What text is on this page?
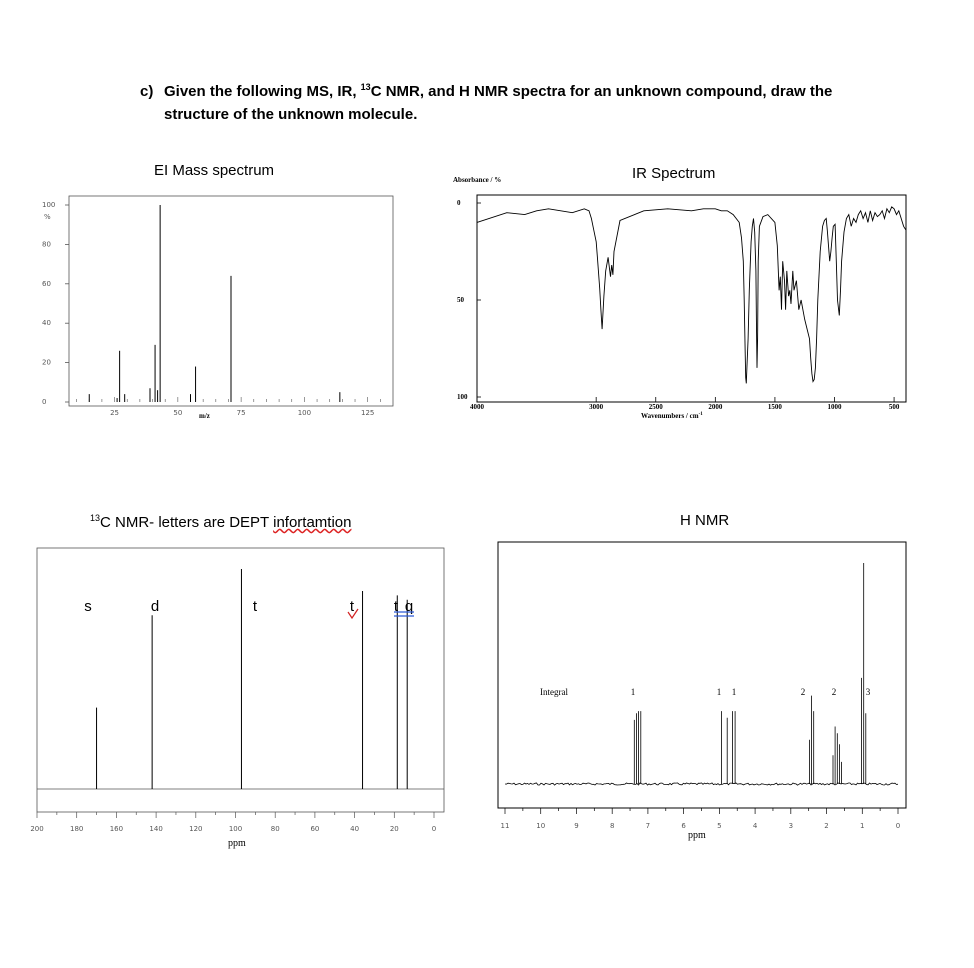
c) Given the following MS, IR, $^{13}$C NMR, and H NMR spectra for an unknown compound, draw the
structure of the unknown molecule.
EI Mass spectrum	IR Spectrum
$^{13}$C NMR- letters are DEPT infortamtion	H NMR
%
m/z
0
20
40
60
80
100
25	50	75	100	125
Absorbance / %
Wavenumbers / $cm^{-1}$
0
50
100
4000	3000	2500	2000	1500	1000	500
ppm
200	180	160	140	120	100	80	60	40	20	0
s	d	t	t	t q
Integral
ppm
11	10	9	8	7	6	5	4	3	2	1	0
1	1 1	2	2	3
